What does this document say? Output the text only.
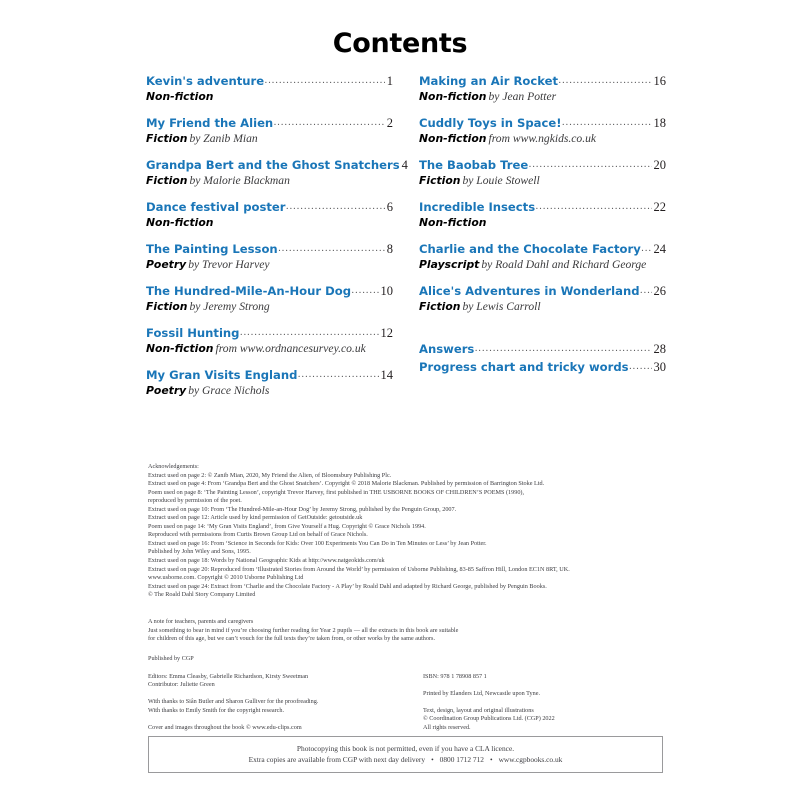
Contents
Kevin's adventure .....	1
Non-fiction
My Friend the Alien .....	2
Fiction by Zanib Mian
Grandpa Bert and the Ghost Snatchers 4
Fiction by Malorie Blackman
Dance festival poster .....	6
Non-fiction
The Painting Lesson .....	8
Poetry by Trevor Harvey
The Hundred-Mile-An-Hour Dog ..... 10
Fiction by Jeremy Strong
Fossil Hunting .....	12
Non-fiction from www.ordnancesurvey.co.uk
My Gran Visits England .....	14
Poetry by Grace Nichols
Making an Air Rocket .....	16
Non-fiction by Jean Potter
Cuddly Toys in Space! .....	18
Non-fiction from www.ngkids.co.uk
The Baobab Tree .....	20
Fiction by Louie Stowell
Incredible Insects .....	22
Non-fiction
Charlie and the Chocolate Factory ..... 24
Playscript by Roald Dahl and Richard George
Alice's Adventures in Wonderland ..... 26
Fiction by Lewis Carroll
Answers .....	28
Progress chart and tricky words ..... 30
Acknowledgements:
Extract used on page 2: © Zanib Mian, 2020, My Friend the Alien, of Bloomsbury Publishing Plc.
Extract used on page 4: From ‘Grandpa Bert and the Ghost Snatchers’. Copyright © 2018 Malorie Blackman. Published by permission of Barrington Stoke Ltd.
Poem used on page 8: ‘The Painting Lesson’, copyright Trevor Harvey, first published in THE USBORNE BOOKS OF CHILDREN’S POEMS (1990),
reproduced by permission of the poet.
Extract used on page 10: From ‘The Hundred-Mile-an-Hour Dog’ by Jeremy Strong, published by the Penguin Group, 2007.
Extract used on page 12: Article used by kind permission of GetOutside: getoutside.uk
Poem used on page 14: ‘My Gran Visits England’, from Give Yourself a Hug. Copyright © Grace Nichols 1994.
Reproduced with permissions from Curtis Brown Group Ltd on behalf of Grace Nichols.
Extract used on page 16: From ‘Science in Seconds for Kids: Over 100 Experiments You Can Do in Ten Minutes or Less’ by Jean Potter.
Published by John Wiley and Sons, 1995.
Extract used on page 18: Words by National Geographic Kids at http://www.natgeokids.com/uk
Extract used on page 20: Reproduced from ‘Illustrated Stories from Around the World’ by permission of Usborne Publishing, 83-85 Saffron Hill, London EC1N 8RT, UK.
www.usborne.com. Copyright © 2010 Usborne Publishing Ltd
Extract used on page 24: Extract from ‘Charlie and the Chocolate Factory - A Play’ by Roald Dahl and adapted by Richard George, published by Penguin Books.
© The Roald Dahl Story Company Limited
A note for teachers, parents and caregivers
Just something to bear in mind if you’re choosing further reading for Year 2 pupils — all the extracts in this book are suitable
for children of this age, but we can’t vouch for the full texts they’re taken from, or other works by the same authors.
Published by CGP
Editors: Emma Cleasby, Gabrielle Richardson, Kirsty Sweetman
Contributor: Juliette Green
With thanks to Siân Butler and Sharon Gulliver for the proofreading.
With thanks to Emily Smith for the copyright research.
Cover and images throughout the book © www.edu-clips.com
ISBN: 978 1 78908 857 1
Printed by Elanders Ltd, Newcastle upon Tyne.
Text, design, layout and original illustrations
© Coordination Group Publications Ltd. (CGP) 2022
All rights reserved.
Photocopying this book is not permitted, even if you have a CLA licence.
Extra copies are available from CGP with next day delivery • 0800 1712 712 • www.cgpbooks.co.uk
